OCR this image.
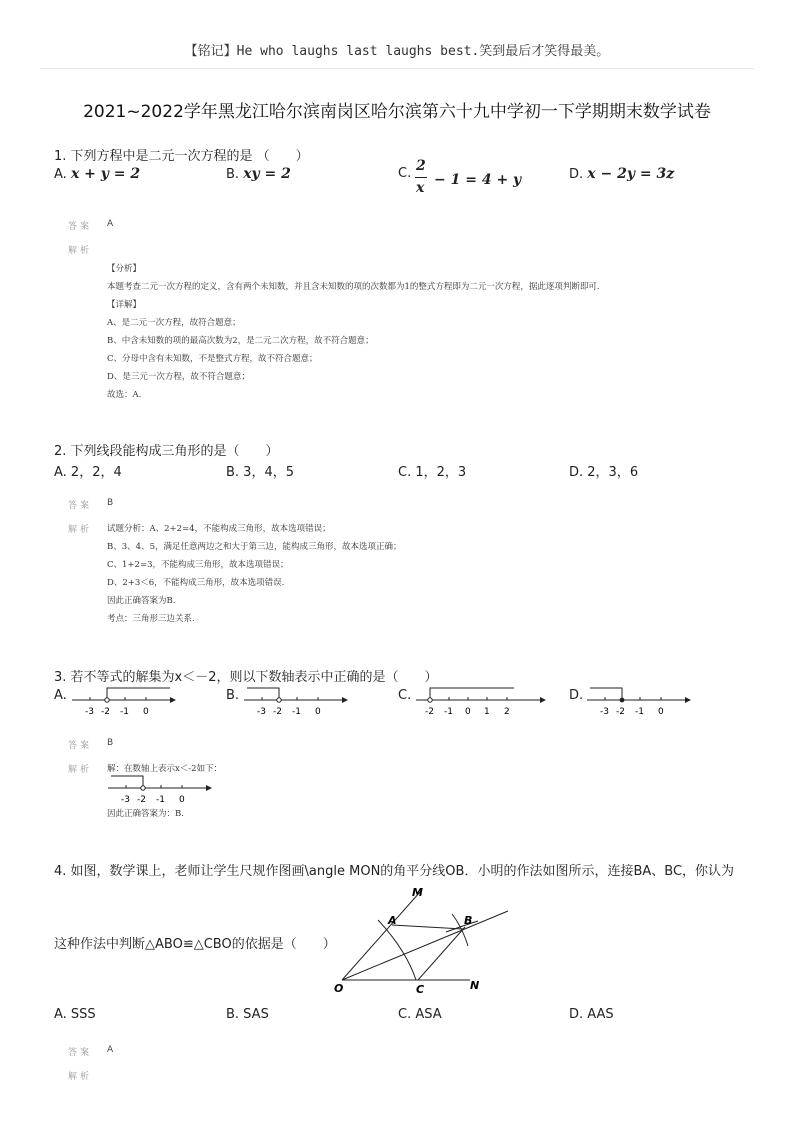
【铭记】He who laughs last laughs best.笑到最后才笑得最美。
2021~2022学年黑龙江哈尔滨南岗区哈尔滨第六十九中学初一下学期期末数学试卷
1. 下列方程中是二元一次方程的是 （　　）
A. x + y = 2	B. xy = 2	C. 2
x − 1 = 4 + y	D. x − 2y = 3z
答案 A
解析
【分析】
本题考查二元一次方程的定义，含有两个未知数，并且含未知数的项的次数都为1的整式方程即为二元一次方程，据此逐项判断即可.
【详解】
A、是二元一次方程，故符合题意；
B、中含未知数的项的最高次数为2，是二元二次方程，故不符合题意；
C、分母中含有未知数，不是整式方程，故不符合题意；
D、是三元一次方程，故不符合题意；
故选：A.
2. 下列线段能构成三角形的是（　　）
A. 2，2，4	B. 3，4，5	C. 1，2，3	D. 2，3，6
答案 B
解析 试题分析：A、2+2=4，不能构成三角形，故本选项错误；
B、3、4、5，满足任意两边之和大于第三边，能构成三角形，故本选项正确；
C、1+2=3，不能构成三角形，故本选项错误；
D、2+3＜6，不能构成三角形，故本选项错误.
因此正确答案为B.
考点：三角形三边关系.
3. 若不等式的解集为x＜－2，则以下数轴表示中正确的是（　　）
A.
-3 -2 -1 0
B.
-3 -2 -1 0
C.
-2 -1 0 1 2
D.
-3 -2 -1 0
答案 B
解析 解：在数轴上表示x＜-2如下：
-3 -2 -1 0
因此正确答案为：B.
4. 如图，数学课上，老师让学生尺规作图画\angle MON的角平分线OB．小明的作法如图所示，连接BA、BC，你认为
这种作法中判断△ABO≌△CBO的依据是（　　）
M
A	B
O	C	N
A. SSS	B. SAS	C. ASA	D. AAS
答案 A
解析
